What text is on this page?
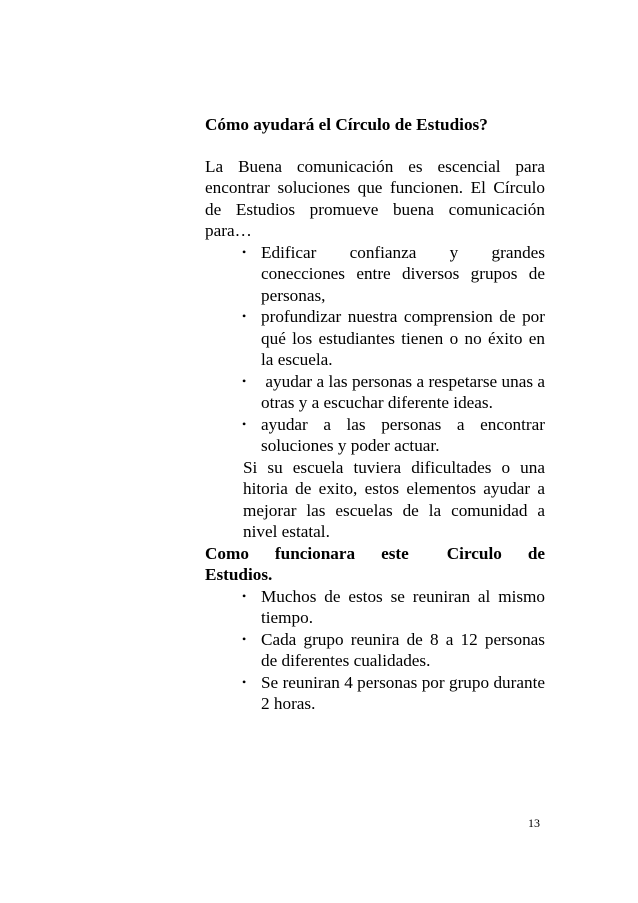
Cómo ayudará el Círculo de Estudios?

La Buena comunicación es escencial para encontrar soluciones que funcionen. El Círculo de Estudios promueve buena comunicación para…

• Edificar confianza y grandes conecciones entre diversos grupos de personas,
• profundizar nuestra comprension de por qué los estudiantes tienen o no éxito en la escuela.
• ayudar a las personas a respetarse unas a otras y a escuchar diferente ideas.
• ayudar a las personas a encontrar soluciones y poder actuar.

Si su escuela tuviera dificultades o una hitoria de exito, estos elementos ayudar a mejorar las escuelas de la comunidad a nivel estatal.

Como funcionara este Circulo de
Estudios.
• Muchos de estos se reuniran al mismo tiempo.
• Cada grupo reunira de 8 a 12 personas de diferentes cualidades.
• Se reuniran 4 personas por grupo durante 2 horas.
13
